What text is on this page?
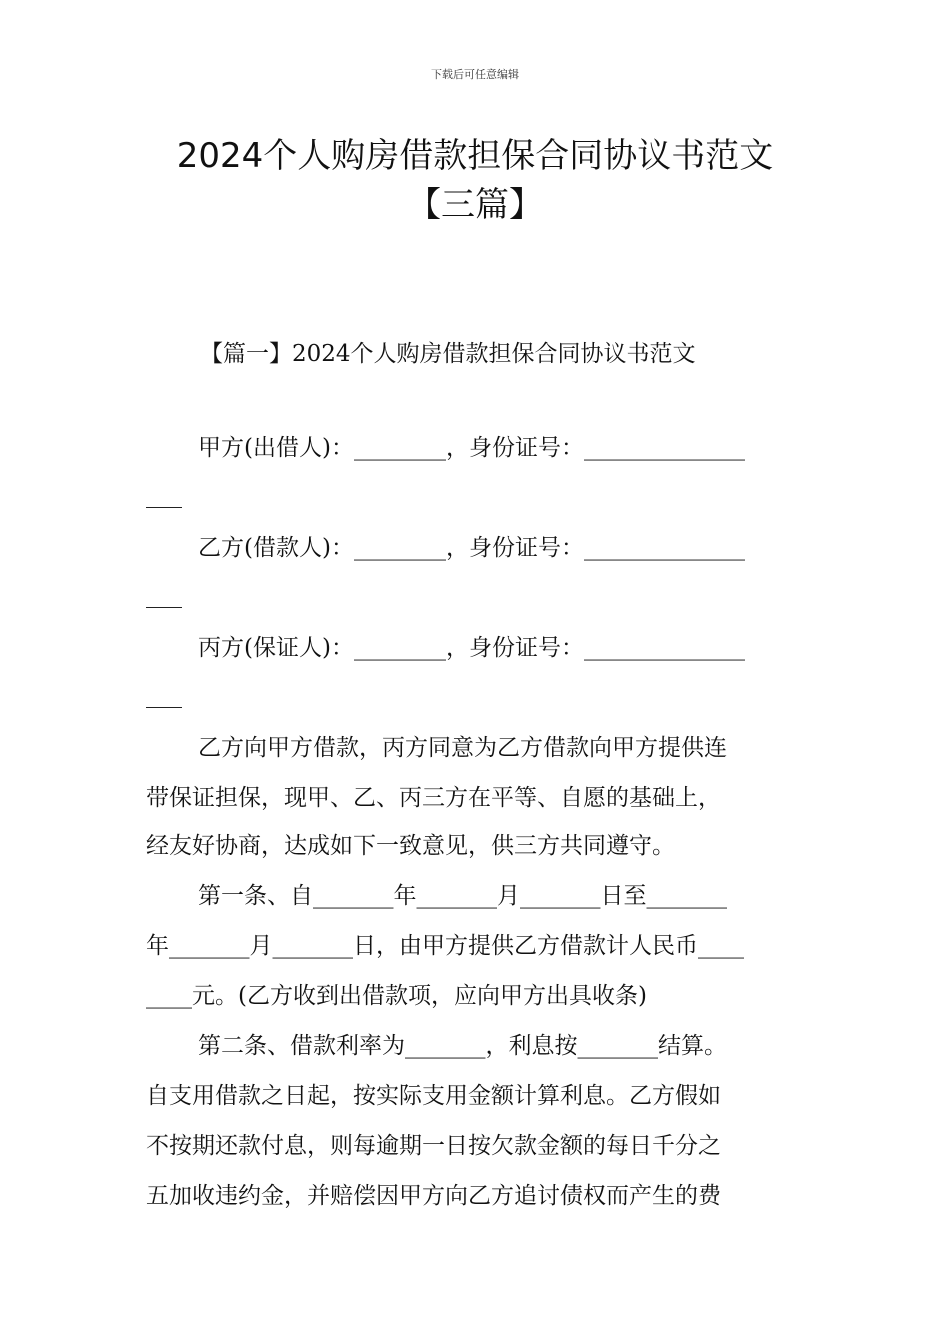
下载后可任意编辑
2024个人购房借款担保合同协议书范文
【三篇】
【篇一】2024个人购房借款担保合同协议书范文
甲方(出借人)：________，身份证号：______________
乙方(借款人)：________，身份证号：______________
丙方(保证人)：________，身份证号：______________
乙方向甲方借款，丙方同意为乙方借款向甲方提供连
带保证担保，现甲、乙、丙三方在平等、自愿的基础上，
经友好协商，达成如下一致意见，供三方共同遵守。
第一条、自_______年_______月_______日至_______
年_______月_______日，由甲方提供乙方借款计人民币____
____元。(乙方收到出借款项，应向甲方出具收条)
第二条、借款利率为_______，利息按_______结算。
自支用借款之日起，按实际支用金额计算利息。乙方假如
不按期还款付息，则每逾期一日按欠款金额的每日千分之
五加收违约金，并赔偿因甲方向乙方追讨债权而产生的费
